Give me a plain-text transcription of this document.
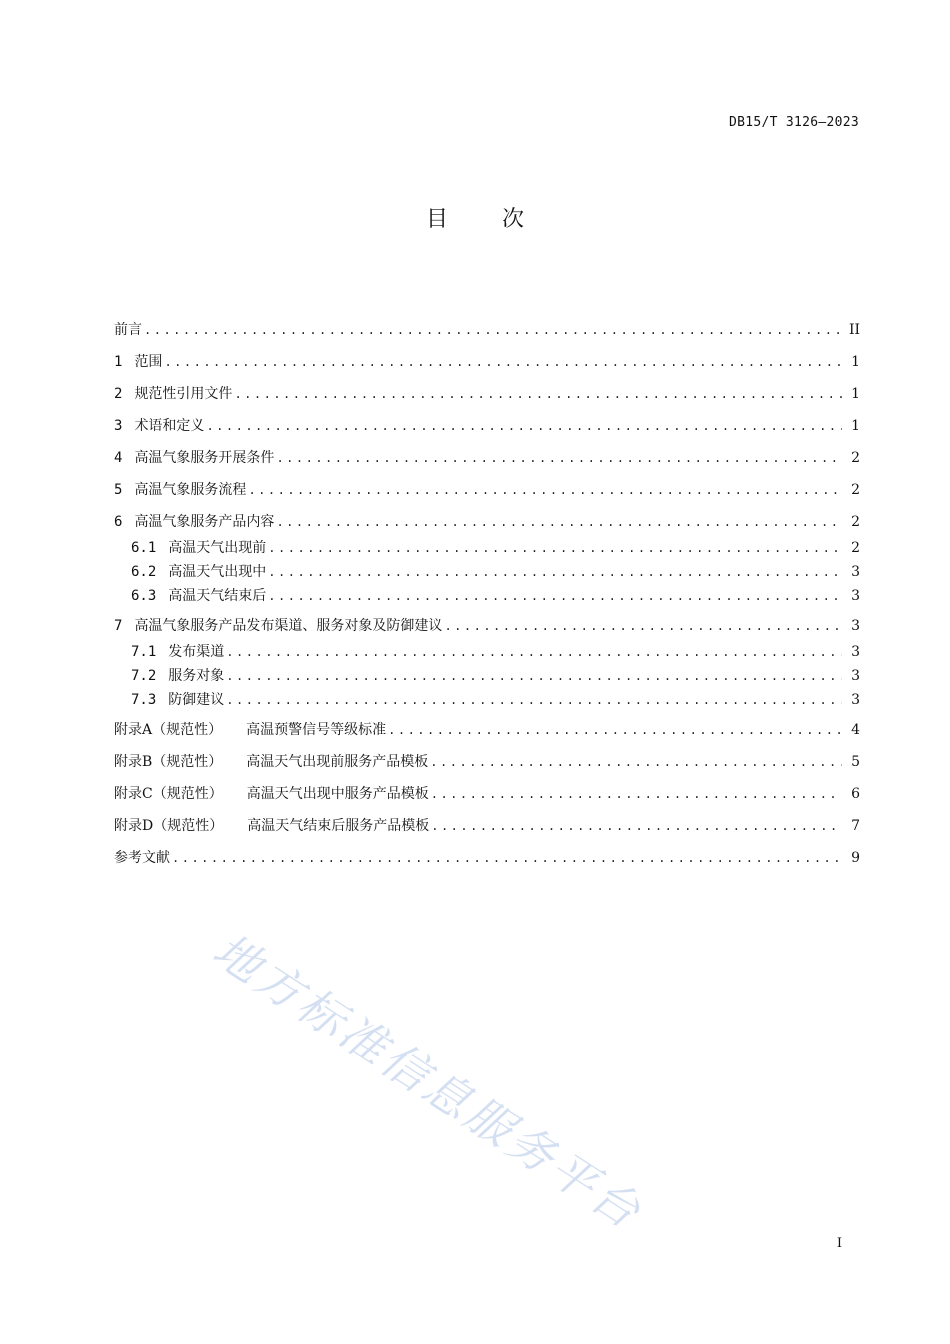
DB15/T 3126—2023
目次
前言 .....	II
1 范围 .....	1
2 规范性引用文件 .....	1
3 术语和定义 .....	1
4 高温气象服务开展条件 .....	2
5 高温气象服务流程 .....	2
6 高温气象服务产品内容 .....	2
6.1 高温天气出现前 .....	2
6.2 高温天气出现中 .....	3
6.3 高温天气结束后 .....	3
7 高温气象服务产品发布渠道、服务对象及防御建议 .....	3
7.1 发布渠道 .....	3
7.2 服务对象 .....	3
7.3 防御建议 .....	3
附录A（规范性） 高温预警信号等级标准 .....	4
附录B（规范性） 高温天气出现前服务产品模板 .....	5
附录C（规范性） 高温天气出现中服务产品模板 .....	6
附录D（规范性） 高温天气结束后服务产品模板 .....	7
参考文献 .....	9
地方标准信息服务平台
I
